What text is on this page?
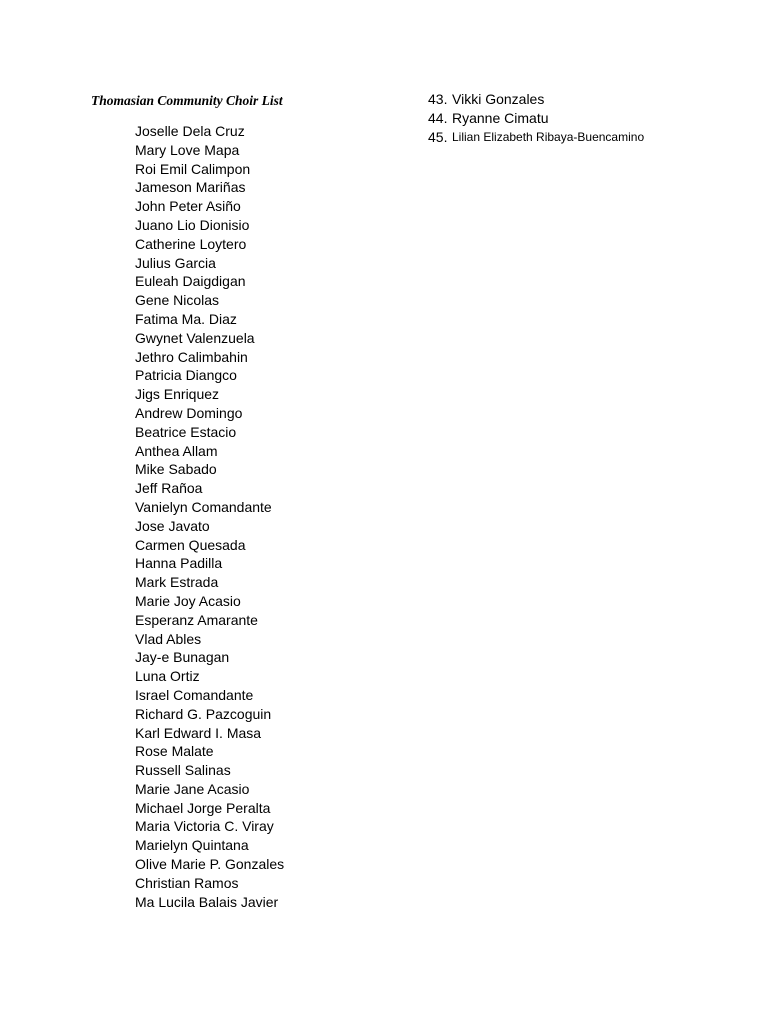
Thomasian Community Choir List
Joselle Dela Cruz
Mary Love Mapa
Roi Emil Calimpon
Jameson Mariñas
John Peter Asiño
Juano Lio Dionisio
Catherine Loytero
Julius Garcia
Euleah Daigdigan
Gene Nicolas
Fatima Ma. Diaz
Gwynet Valenzuela
Jethro Calimbahin
Patricia Diangco
Jigs Enriquez
Andrew Domingo
Beatrice Estacio
Anthea Allam
Mike Sabado
Jeff Rañoa
Vanielyn Comandante
Jose Javato
Carmen Quesada
Hanna Padilla
Mark Estrada
Marie Joy Acasio
Esperanz Amarante
Vlad Ables
Jay-e Bunagan
Luna Ortiz
Israel Comandante
Richard G. Pazcoguin
Karl Edward I. Masa
Rose Malate
Russell Salinas
Marie Jane Acasio
Michael Jorge Peralta
Maria Victoria C. Viray
Marielyn Quintana
Olive Marie P. Gonzales
Christian Ramos
Ma Lucila Balais Javier
43. Vikki Gonzales
44. Ryanne Cimatu
45. Lilian Elizabeth Ribaya-Buencamino
